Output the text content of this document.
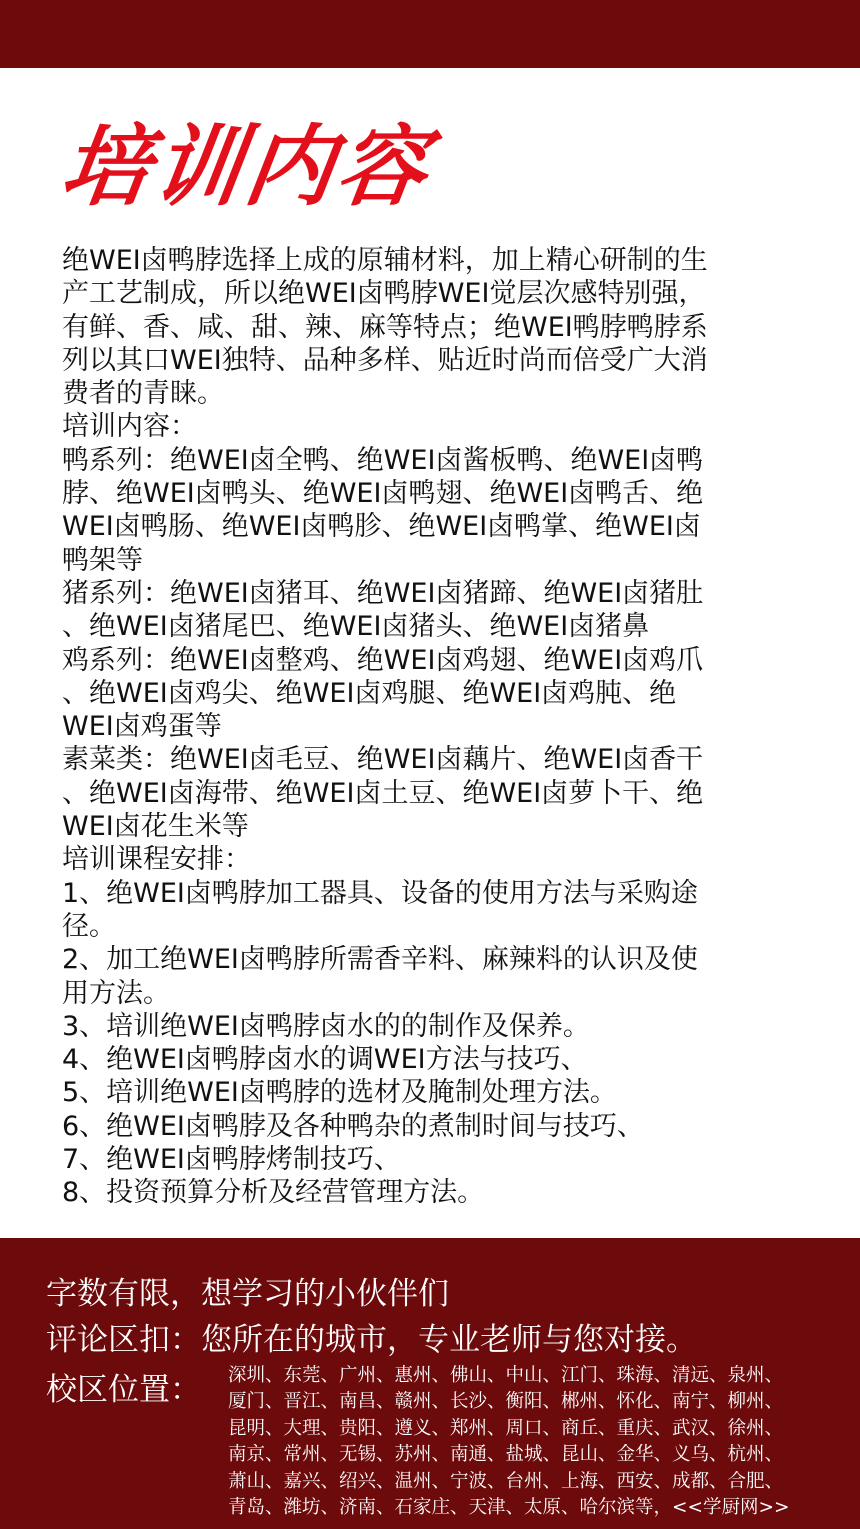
培训内容
绝WEI卤鸭脖选择上成的原辅材料，加上精心研制的生
产工艺制成，所以绝WEI卤鸭脖WEI觉层次感特别强，
有鲜、香、咸、甜、辣、麻等特点；绝WEI鸭脖鸭脖系
列以其口WEI独特、品种多样、贴近时尚而倍受广大消
费者的青睐。
培训内容：
鸭系列：绝WEI卤全鸭、绝WEI卤酱板鸭、绝WEI卤鸭
脖、绝WEI卤鸭头、绝WEI卤鸭翅、绝WEI卤鸭舌、绝
WEI卤鸭肠、绝WEI卤鸭胗、绝WEI卤鸭掌、绝WEI卤
鸭架等
猪系列：绝WEI卤猪耳、绝WEI卤猪蹄、绝WEI卤猪肚
、绝WEI卤猪尾巴、绝WEI卤猪头、绝WEI卤猪鼻
鸡系列：绝WEI卤整鸡、绝WEI卤鸡翅、绝WEI卤鸡爪
、绝WEI卤鸡尖、绝WEI卤鸡腿、绝WEI卤鸡肫、绝
WEI卤鸡蛋等
素菜类：绝WEI卤毛豆、绝WEI卤藕片、绝WEI卤香干
、绝WEI卤海带、绝WEI卤土豆、绝WEI卤萝卜干、绝
WEI卤花生米等
培训课程安排：
1、绝WEI卤鸭脖加工器具、设备的使用方法与采购途
径。
2、加工绝WEI卤鸭脖所需香辛料、麻辣料的认识及使
用方法。
3、培训绝WEI卤鸭脖卤水的的制作及保养。
4、绝WEI卤鸭脖卤水的调WEI方法与技巧、
5、培训绝WEI卤鸭脖的选材及腌制处理方法。
6、绝WEI卤鸭脖及各种鸭杂的煮制时间与技巧、
7、绝WEI卤鸭脖烤制技巧、
8、投资预算分析及经营管理方法。
字数有限，想学习的小伙伴们
评论区扣：您所在的城市，专业老师与您对接。
校区位置： 深圳、东莞、广州、惠州、佛山、中山、江门、珠海、清远、泉州、
厦门、晋江、南昌、赣州、长沙、衡阳、郴州、怀化、南宁、柳州、
昆明、大理、贵阳、遵义、郑州、周口、商丘、重庆、武汉、徐州、
南京、常州、无锡、苏州、南通、盐城、昆山、金华、义乌、杭州、
萧山、嘉兴、绍兴、温州、宁波、台州、上海、西安、成都、合肥、
青岛、潍坊、济南、石家庄、天津、太原、哈尔滨等，<<学厨网>>
